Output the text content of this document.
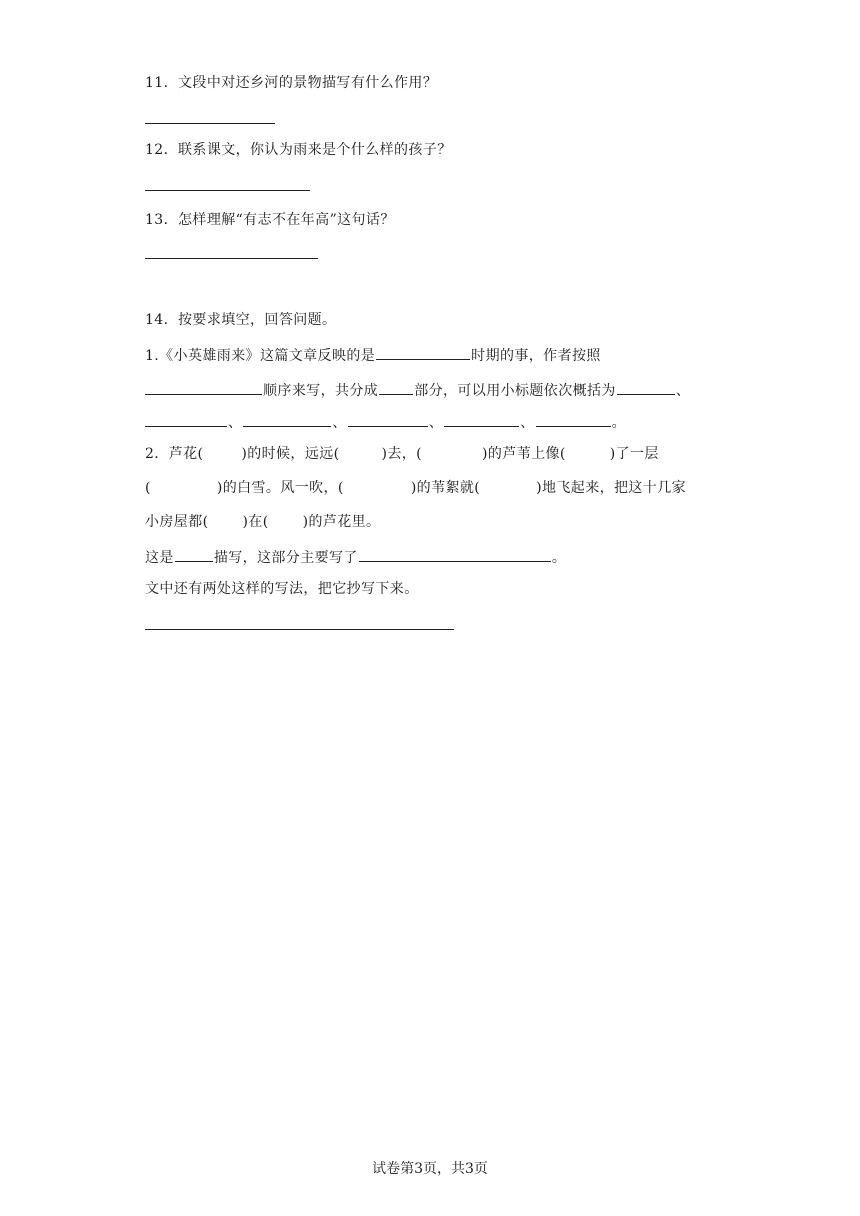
11．文段中对还乡河的景物描写有什么作用？
12．联系课文，你认为雨来是个什么样的孩子？
13．怎样理解“有志不在年高”这句话？
14．按要求填空，回答问题。
1.《小英雄雨来》这篇文章反映的是	时期的事，作者按照
顺序来写，共分成	部分，可以用小标题依次概括为	、
、	、	、	、	。
2．芦花(	)的时候，远远(	)去，(	)的芦苇上像(	)了一层
(	)的白雪。风一吹，(	)的苇絮就(	)地飞起来，把这十几家
小房屋都( )在( )的芦花里。
这是	描写，这部分主要写了	。
文中还有两处这样的写法，把它抄写下来。
试卷第3页，共3页
